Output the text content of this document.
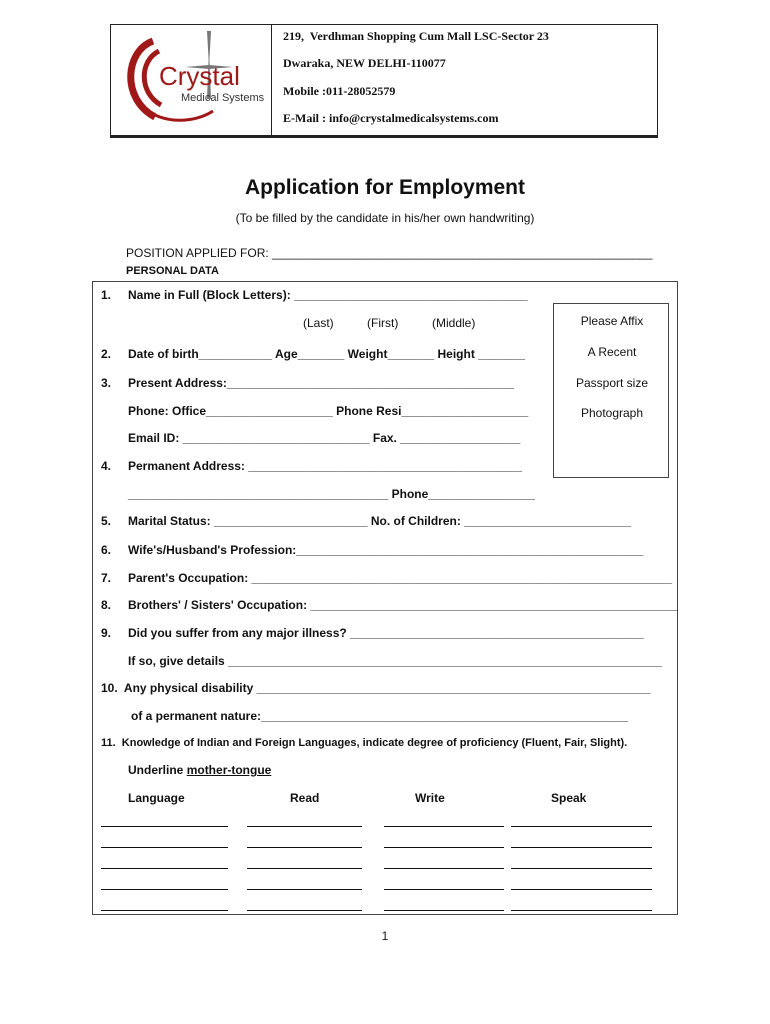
Crystal
Medical Systems
219,  Verdhman Shopping Cum Mall LSC-Sector 23
Dwaraka, NEW DELHI-110077
Mobile :011-28052579
E-Mail : info@crystalmedicalsystems.com
Application for Employment
(To be filled by the candidate in his/her own handwriting)
POSITION APPLIED FOR: _________________________________________________________
PERSONAL DATA
Please Affix
A Recent
Passport size
Photograph
1. Name in Full (Block Letters): ___________________________________
(Last)	(First)	(Middle)
2. Date of birth___________ Age_______ Weight_______ Height _______
3. Present Address:___________________________________________
Phone: Office___________________ Phone Resi___________________
Email ID: ____________________________ Fax. __________________
4. Permanent Address: _________________________________________
_______________________________________ Phone________________
5. Marital Status: _______________________ No. of Children: _________________________
6. Wife's/Husband's Profession:____________________________________________________
7. Parent's Occupation: _______________________________________________________________
8. Brothers' / Sisters' Occupation: _______________________________________________________
9. Did you suffer from any major illness? ____________________________________________
If so, give details _________________________________________________________________
10.  Any physical disability ___________________________________________________________
of a permanent nature:_______________________________________________________
11.  Knowledge of Indian and Foreign Languages, indicate degree of proficiency (Fluent, Fair, Slight).
Underline mother-tongue
Language	Read	Write	Speak
1
